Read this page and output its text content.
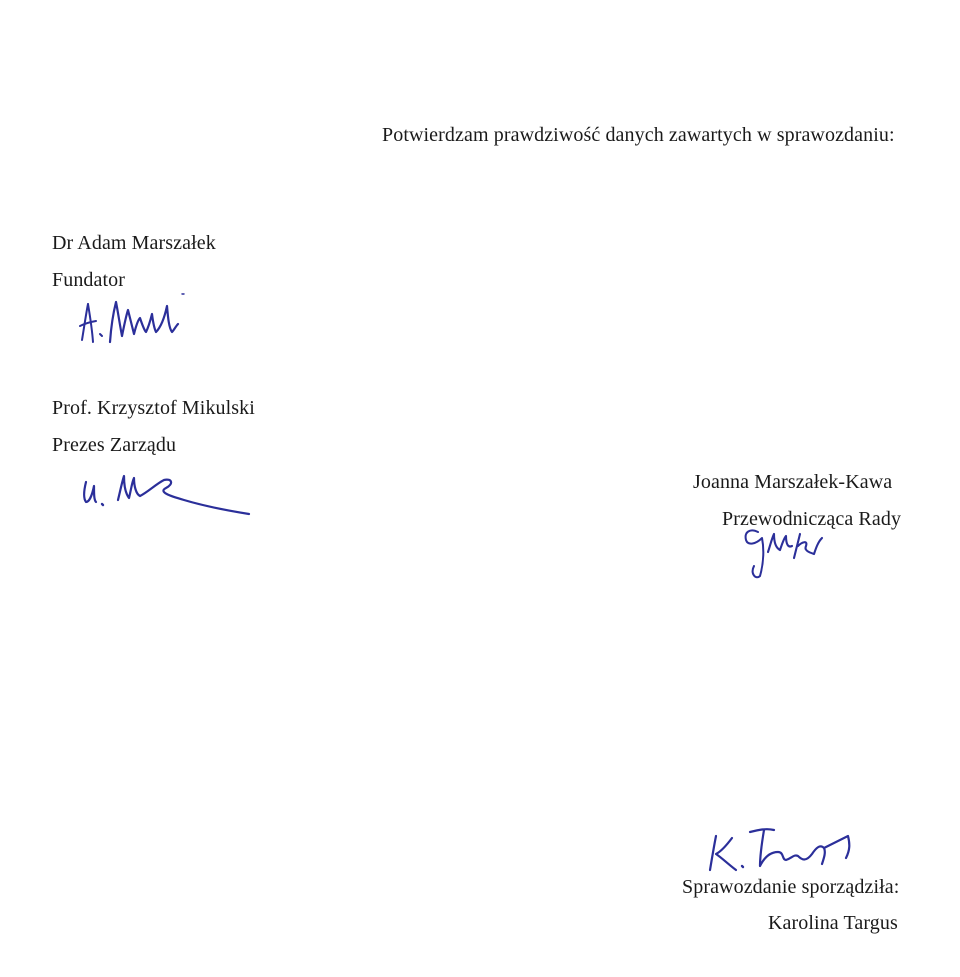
Potwierdzam prawdziwość danych zawartych w sprawozdaniu:
Dr Adam Marszałek
Fundator
Prof. Krzysztof Mikulski
Prezes Zarządu
Joanna Marszałek-Kawa
Przewodnicząca Rady
Sprawozdanie sporządziła:
Karolina Targus
